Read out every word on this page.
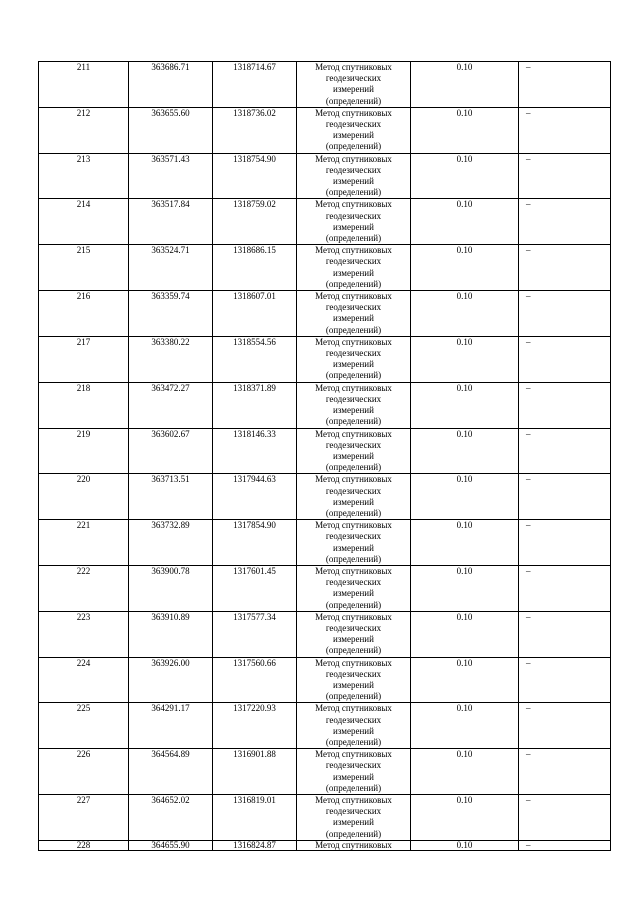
211	363686.71	1318714.67	Метод спутниковых
геодезических
измерений
(определений)	0.10	–
212	363655.60	1318736.02	Метод спутниковых
геодезических
измерений
(определений)	0.10	–
213	363571.43	1318754.90	Метод спутниковых
геодезических
измерений
(определений)	0.10	–
214	363517.84	1318759.02	Метод спутниковых
геодезических
измерений
(определений)	0.10	–
215	363524.71	1318686.15	Метод спутниковых
геодезических
измерений
(определений)	0.10	–
216	363359.74	1318607.01	Метод спутниковых
геодезических
измерений
(определений)	0.10	–
217	363380.22	1318554.56	Метод спутниковых
геодезических
измерений
(определений)	0.10	–
218	363472.27	1318371.89	Метод спутниковых
геодезических
измерений
(определений)	0.10	–
219	363602.67	1318146.33	Метод спутниковых
геодезических
измерений
(определений)	0.10	–
220	363713.51	1317944.63	Метод спутниковых
геодезических
измерений
(определений)	0.10	–
221	363732.89	1317854.90	Метод спутниковых
геодезических
измерений
(определений)	0.10	–
222	363900.78	1317601.45	Метод спутниковых
геодезических
измерений
(определений)	0.10	–
223	363910.89	1317577.34	Метод спутниковых
геодезических
измерений
(определений)	0.10	–
224	363926.00	1317560.66	Метод спутниковых
геодезических
измерений
(определений)	0.10	–
225	364291.17	1317220.93	Метод спутниковых
геодезических
измерений
(определений)	0.10	–
226	364564.89	1316901.88	Метод спутниковых
геодезических
измерений
(определений)	0.10	–
227	364652.02	1316819.01	Метод спутниковых
геодезических
измерений
(определений)	0.10	–
228	364655.90	1316824.87	Метод спутниковых	0.10	–
